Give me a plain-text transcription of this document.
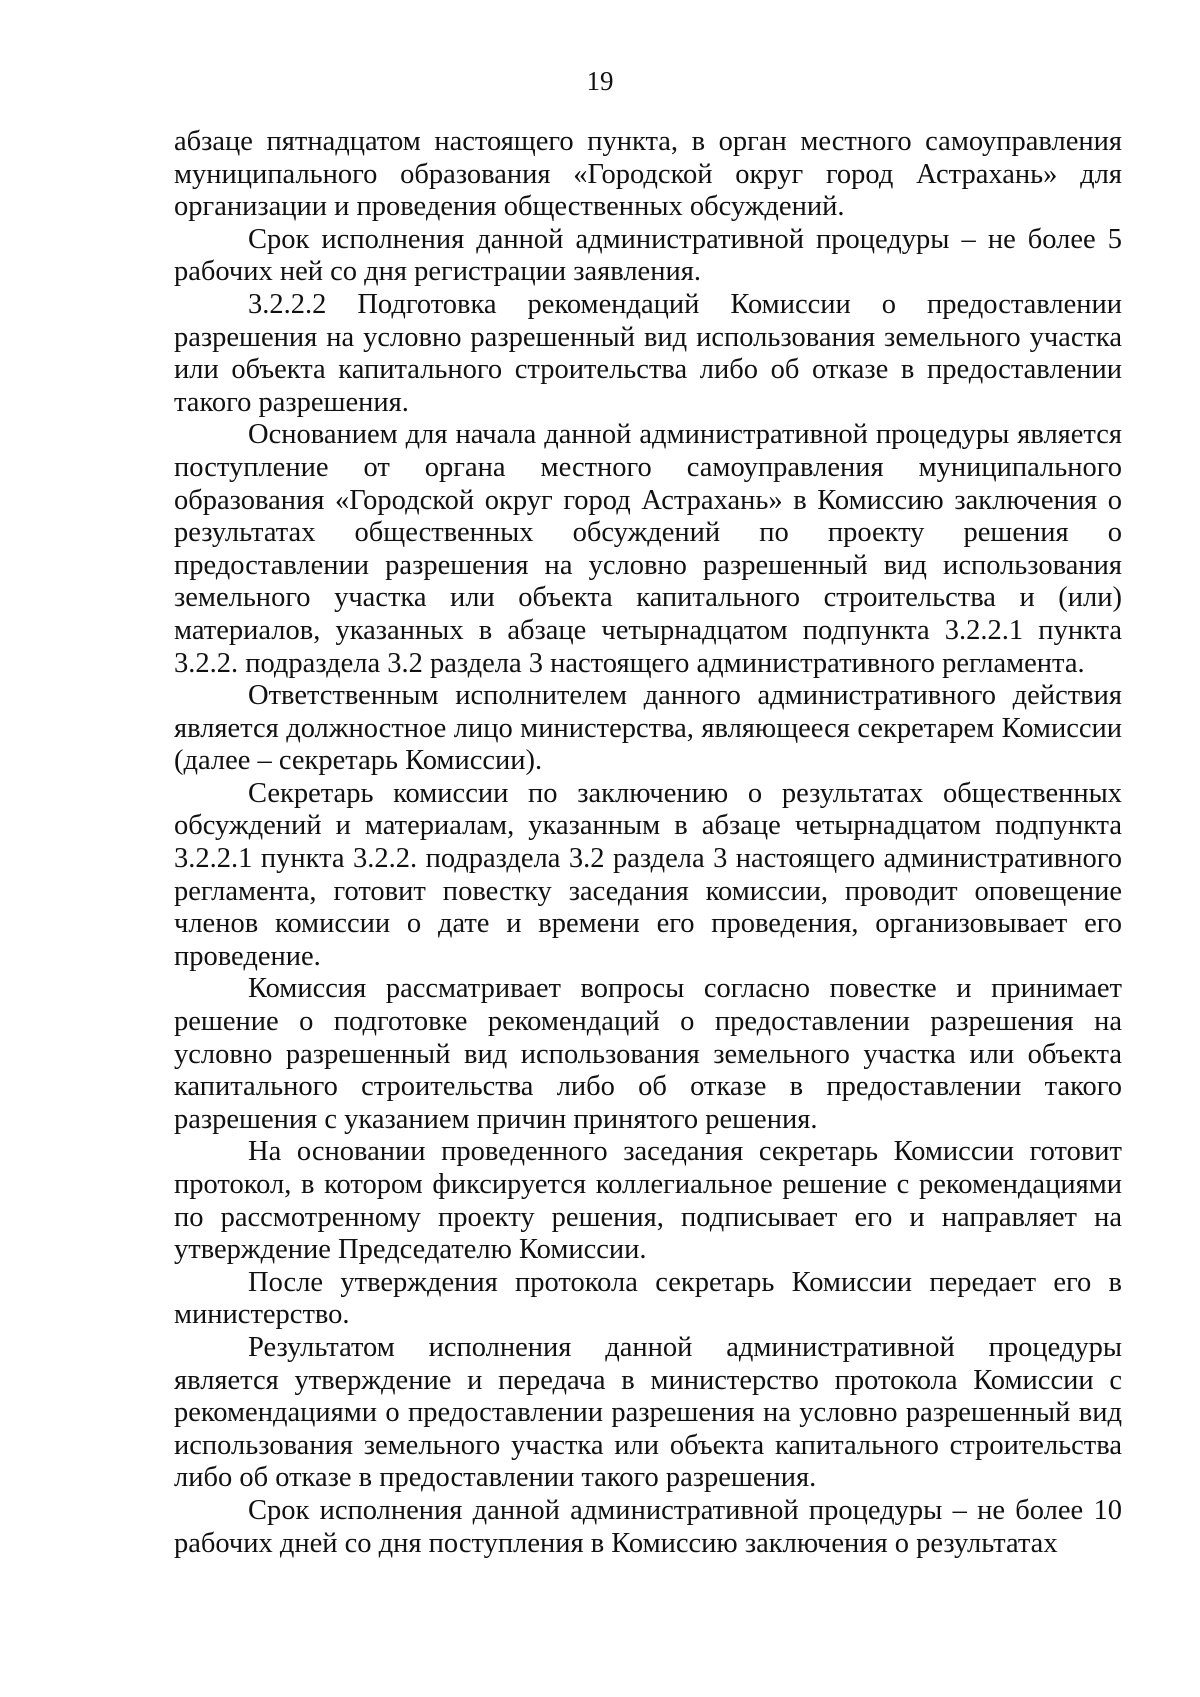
19

абзаце пятнадцатом настоящего пункта, в орган местного самоуправления муниципального образования «Городской округ город Астрахань» для организации и проведения общественных обсуждений.

Срок исполнения данной административной процедуры – не более 5 рабочих ней со дня регистрации заявления.

3.2.2.2 Подготовка рекомендаций Комиссии о предоставлении разрешения на условно разрешенный вид использования земельного участка или объекта капитального строительства либо об отказе в предоставлении такого разрешения.

Основанием для начала данной административной процедуры является поступление от органа местного самоуправления муниципального образования «Городской округ город Астрахань» в Комиссию заключения о результатах общественных обсуждений по проекту решения о предоставлении разрешения на условно разрешенный вид использования земельного участка или объекта капитального строительства и (или) материалов, указанных в абзаце четырнадцатом подпункта 3.2.2.1 пункта 3.2.2. подраздела 3.2 раздела 3 настоящего административного регламента.

Ответственным исполнителем данного административного действия является должностное лицо министерства, являющееся секретарем Комиссии (далее – секретарь Комиссии).

Секретарь комиссии по заключению о результатах общественных обсуждений и материалам, указанным в абзаце четырнадцатом подпункта 3.2.2.1 пункта 3.2.2. подраздела 3.2 раздела 3 настоящего административного регламента, готовит повестку заседания комиссии, проводит оповещение членов комиссии о дате и времени его проведения, организовывает его проведение.

Комиссия рассматривает вопросы согласно повестке и принимает решение о подготовке рекомендаций о предоставлении разрешения на условно разрешенный вид использования земельного участка или объекта капитального строительства либо об отказе в предоставлении такого разрешения с указанием причин принятого решения.

На основании проведенного заседания секретарь Комиссии готовит протокол, в котором фиксируется коллегиальное решение с рекомендациями по рассмотренному проекту решения, подписывает его и направляет на утверждение Председателю Комиссии.

После утверждения протокола секретарь Комиссии передает его в министерство.

Результатом исполнения данной административной процедуры является утверждение и передача в министерство протокола Комиссии с рекомендациями о предоставлении разрешения на условно разрешенный вид использования земельного участка или объекта капитального строительства либо об отказе в предоставлении такого разрешения.

Срок исполнения данной административной процедуры – не более 10 рабочих дней со дня поступления в Комиссию заключения о результатах
